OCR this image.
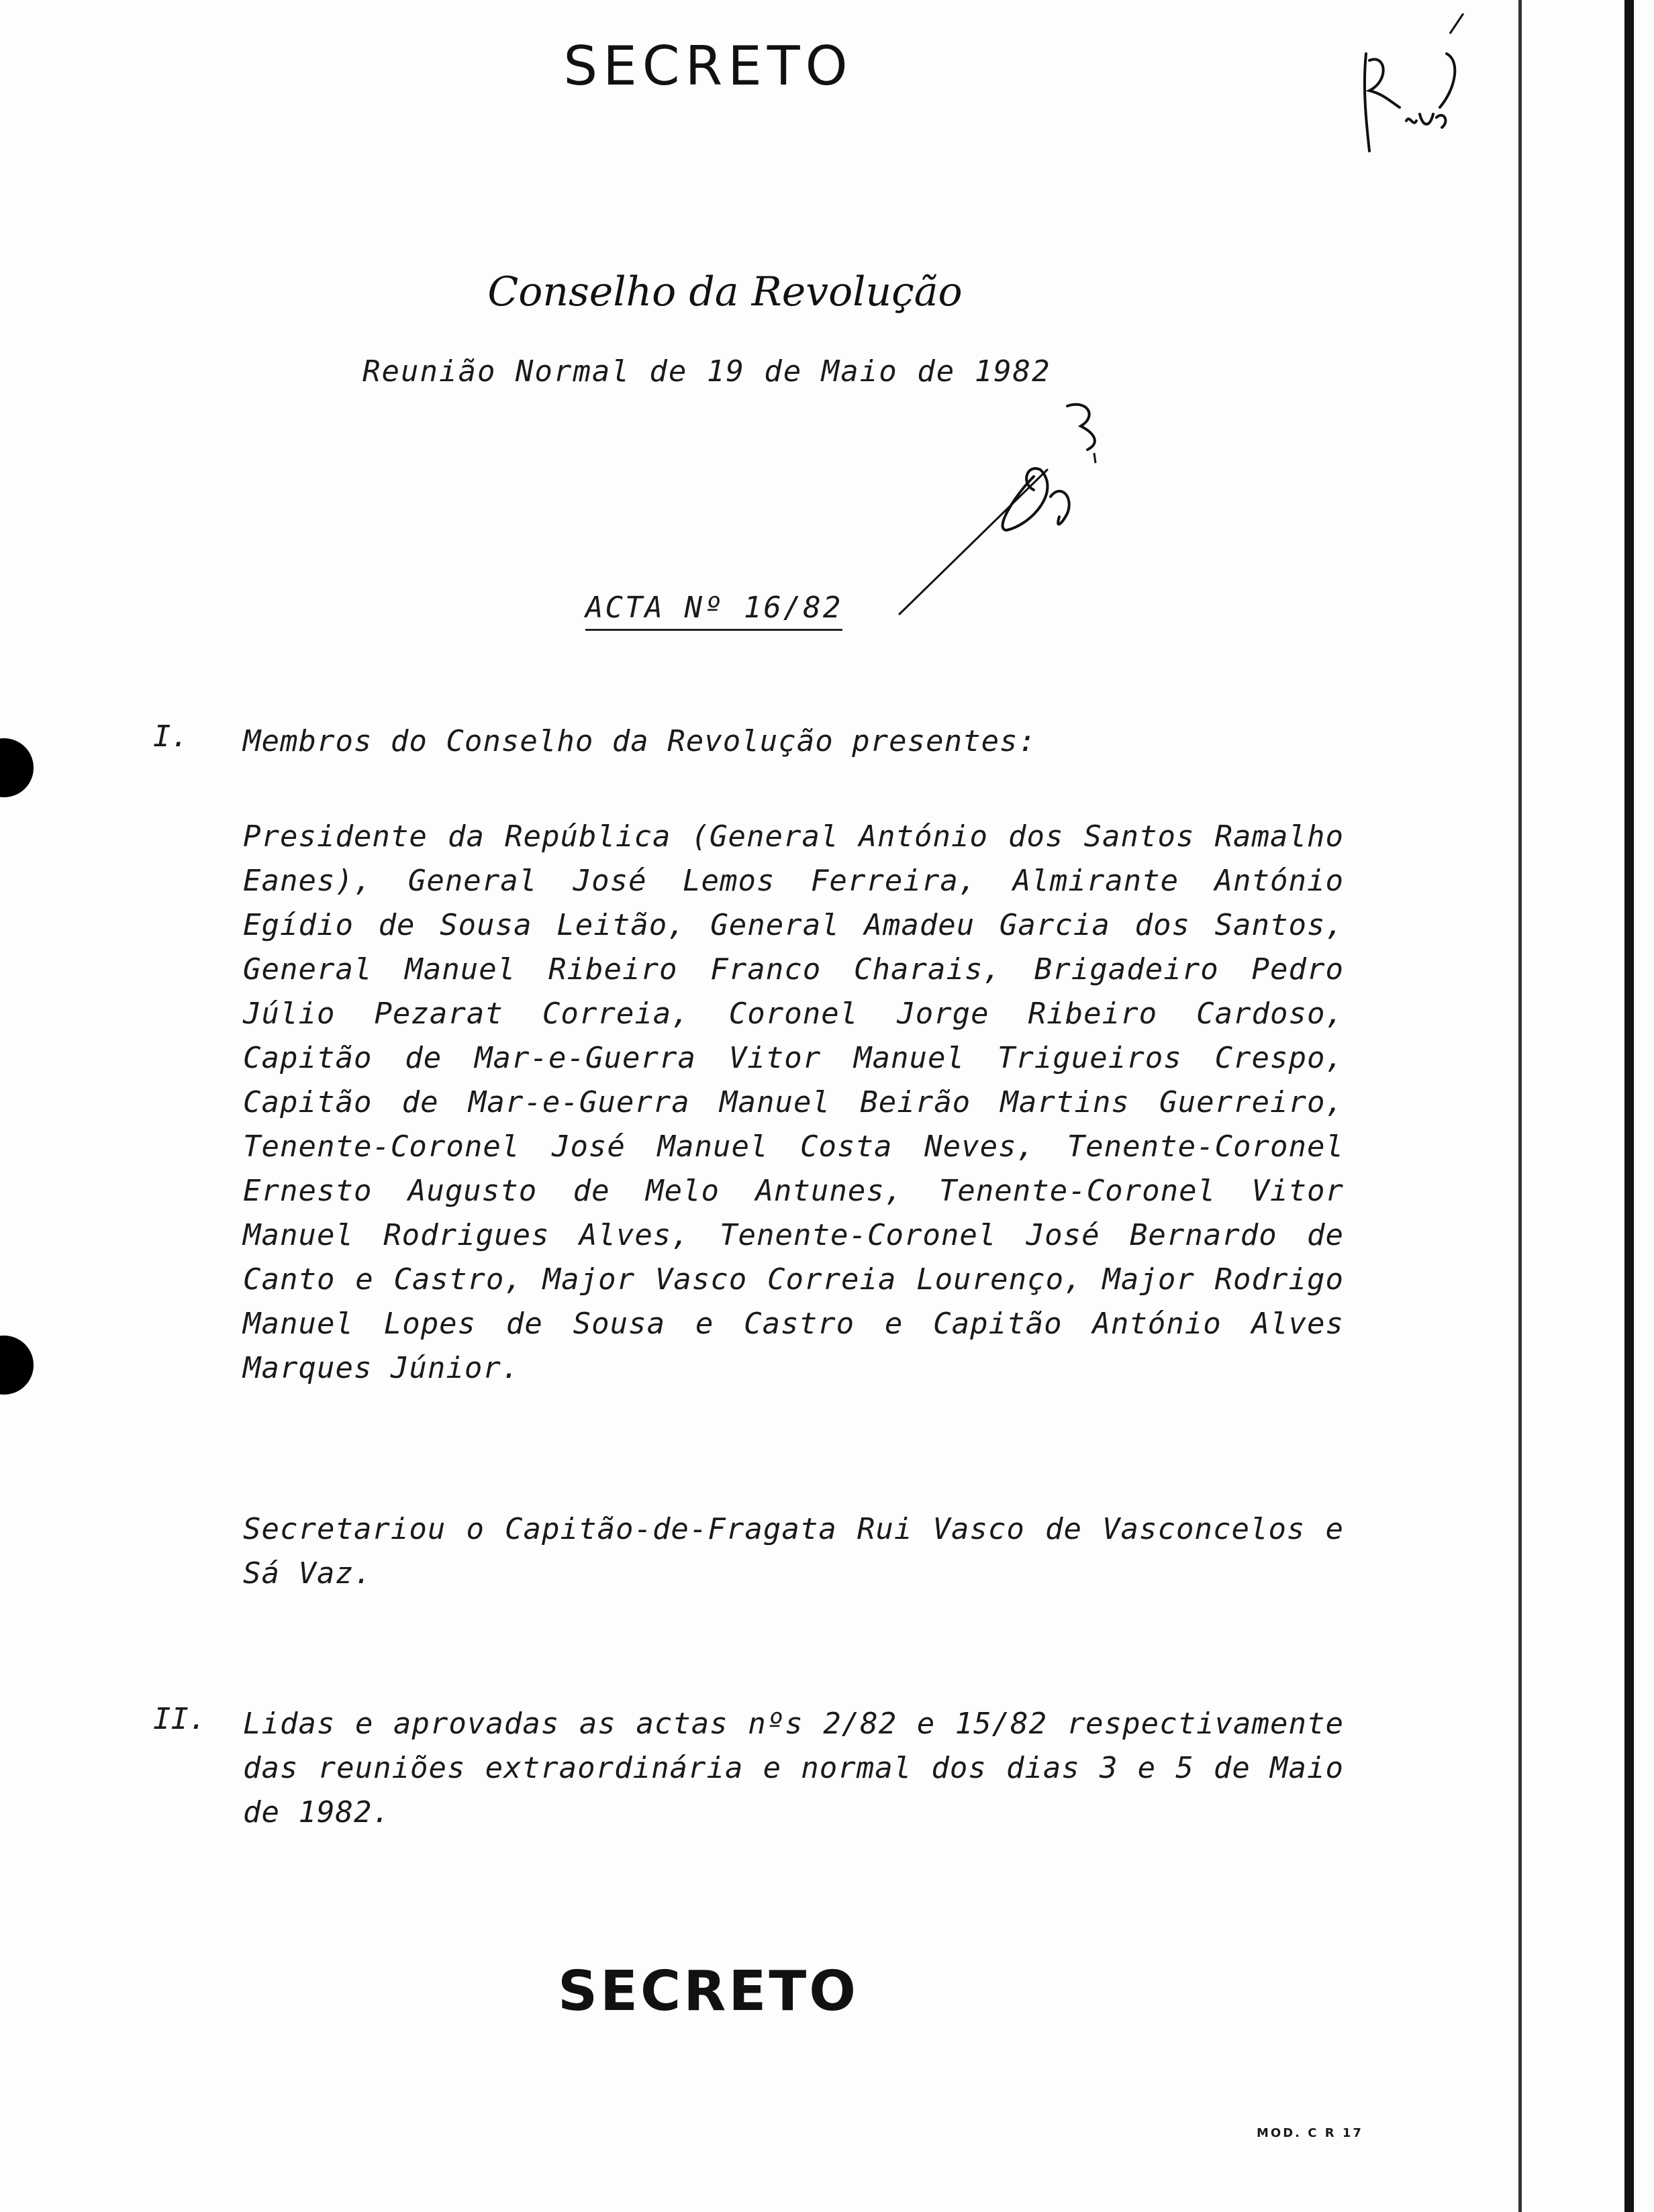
SECRETO
Conselho da Revolução
Reunião Normal de 19 de Maio de 1982
ACTA Nº 16/82
I. Membros do Conselho da Revolução presentes:
Presidente da República (General António dos Santos Ramalho Eanes), General José Lemos Ferreira, Almirante António Egídio de Sousa Leitão, General Amadeu Garcia dos Santos, General Manuel Ribeiro Franco Charais, Brigadeiro Pedro Júlio Pezarat Correia, Coronel Jorge Ribeiro Cardoso, Capitão de Mar-e-Guerra Vitor Manuel Trigueiros Crespo, Capitão de Mar-e-Guerra Manuel Beirão Martins Guerreiro, Tenente-Coronel José Manuel Costa Neves, Tenente-Coronel Ernesto Augusto de Melo Antunes, Tenente-Coronel Vitor Manuel Rodrigues Alves, Tenente-Coronel José Bernardo de Canto e Castro, Major Vasco Correia Lourenço, Major Rodrigo Manuel Lopes de Sousa e Castro e Capitão António Alves Marques Júnior.
Secretariou o Capitão-de-Fragata Rui Vasco de Vasconcelos e Sá Vaz.
II. Lidas e aprovadas as actas nºs 2/82 e 15/82 respectivamente das reuniões extraordinária e normal dos dias 3 e 5 de Maio de 1982.
SECRETO
MOD. C R 17
